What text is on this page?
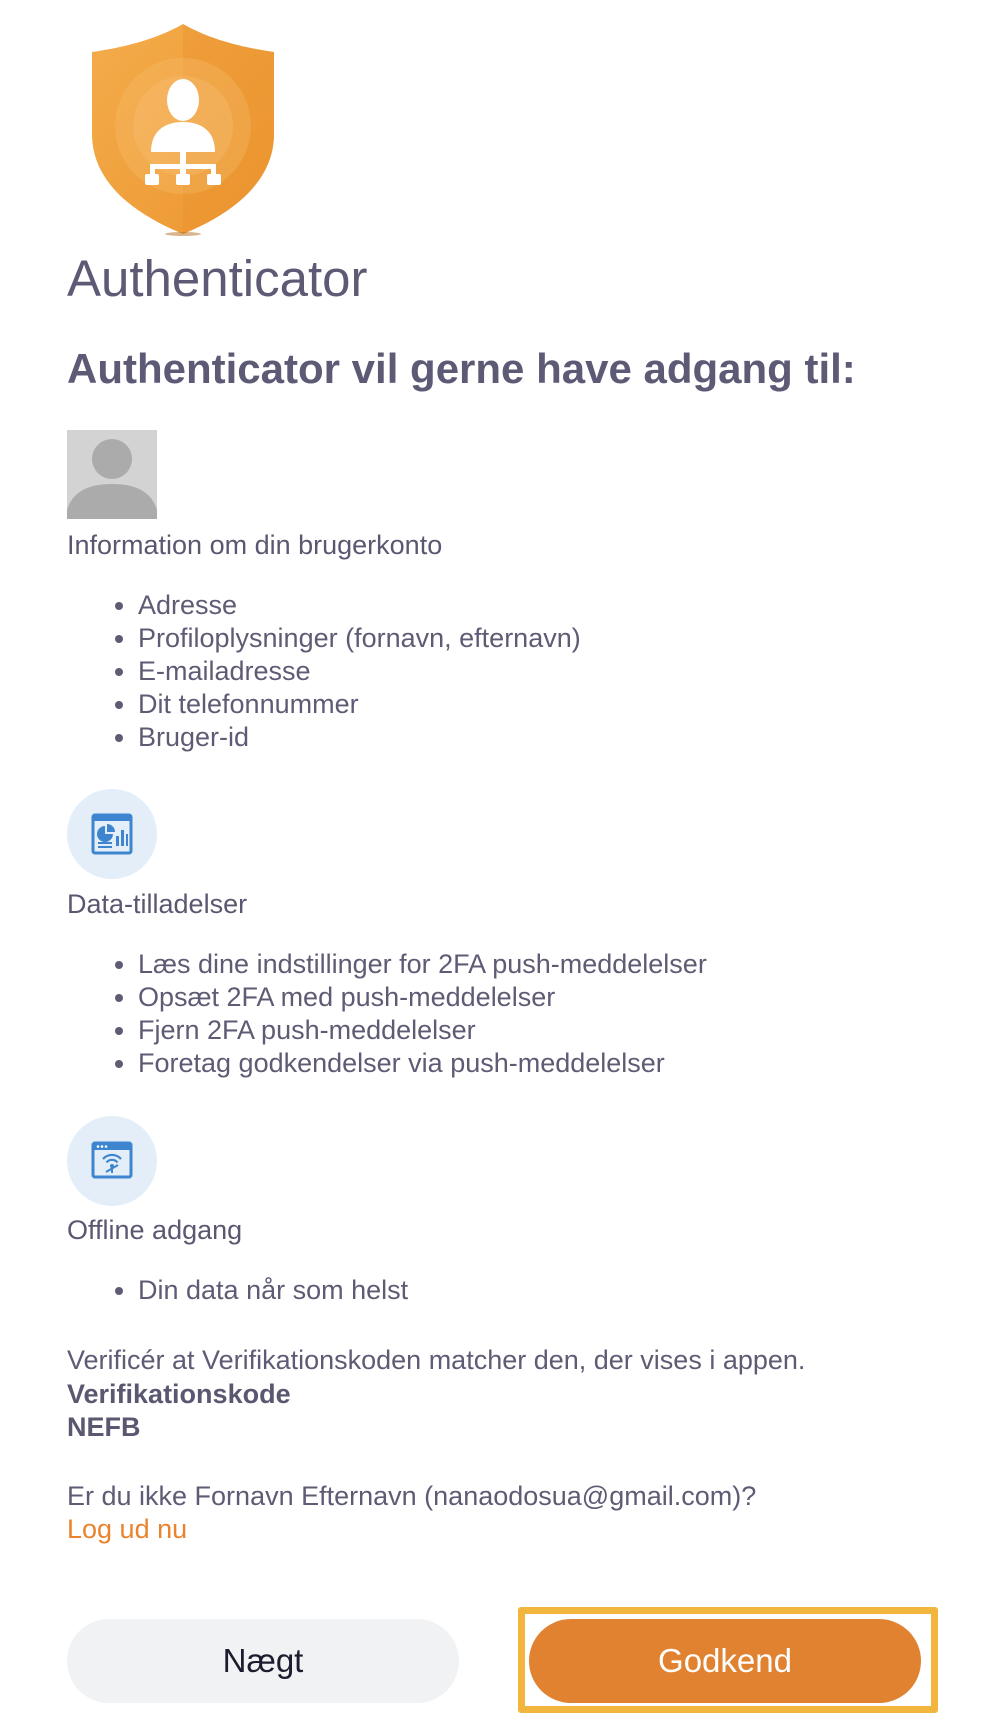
Authenticator
Authenticator vil gerne have adgang til:
Information om din brugerkonto
• Adresse
• Profiloplysninger (fornavn, efternavn)
• E-mailadresse
• Dit telefonnummer
• Bruger-id
Data-tilladelser
• Læs dine indstillinger for 2FA push-meddelelser
• Opsæt 2FA med push-meddelelser
• Fjern 2FA push-meddelelser
• Foretag godkendelser via push-meddelelser
Offline adgang
• Din data når som helst
Verificér at Verifikationskoden matcher den, der vises i appen.
Verifikationskode
NEFB
Er du ikke Fornavn Efternavn (nanaodosua@gmail.com)?
Log ud nu
Nægt	Godkend
